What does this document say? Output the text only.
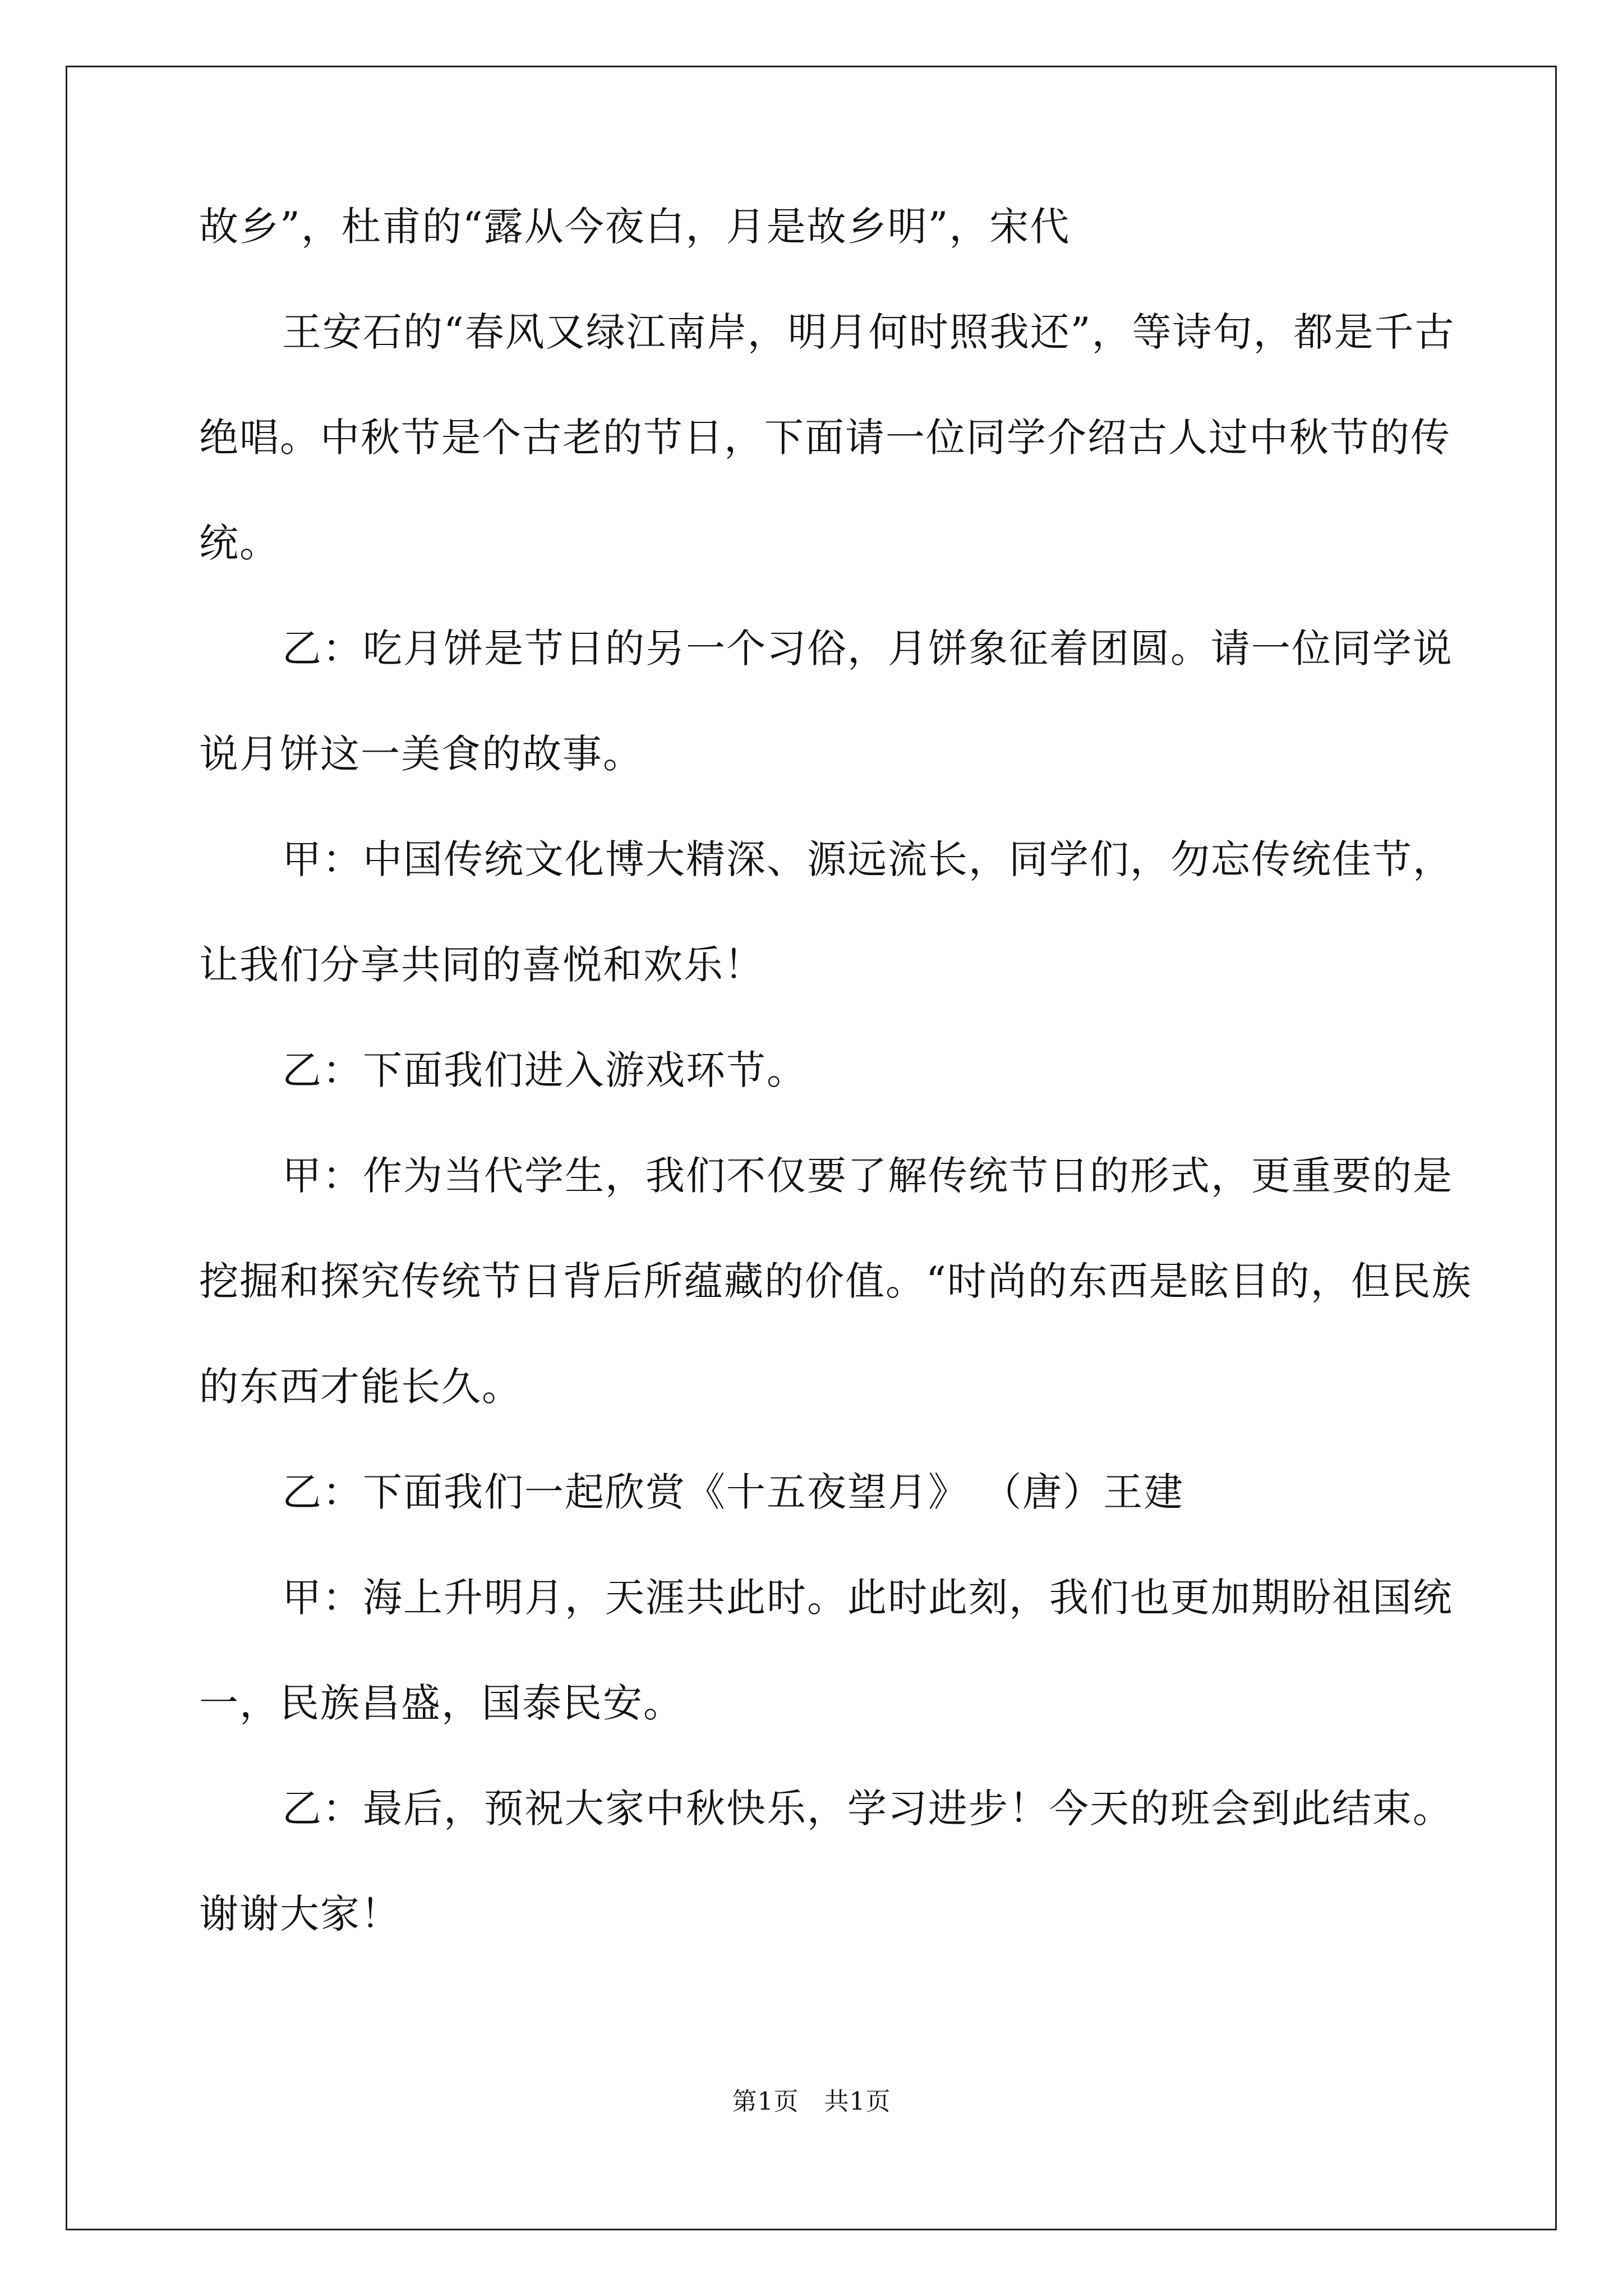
故乡”，杜甫的“露从今夜白，月是故乡明”，宋代

王安石的“春风又绿江南岸，明月何时照我还”，等诗句，都是千古绝唱。中秋节是个古老的节日，下面请一位同学介绍古人过中秋节的传统。

乙：吃月饼是节日的另一个习俗，月饼象征着团圆。请一位同学说说月饼这一美食的故事。

甲：中国传统文化博大精深、源远流长，同学们，勿忘传统佳节，让我们分享共同的喜悦和欢乐！

乙：下面我们进入游戏环节。

甲：作为当代学生，我们不仅要了解传统节日的形式，更重要的是挖掘和探究传统节日背后所蕴藏的价值。“时尚的东西是眩目的，但民族的东西才能长久。

乙：下面我们一起欣赏《十五夜望月》 （唐）王建

甲：海上升明月，天涯共此时。此时此刻，我们也更加期盼祖国统一，民族昌盛，国泰民安。

乙：最后，预祝大家中秋快乐，学习进步！今天的班会到此结束。谢谢大家！

第1页   共1页
